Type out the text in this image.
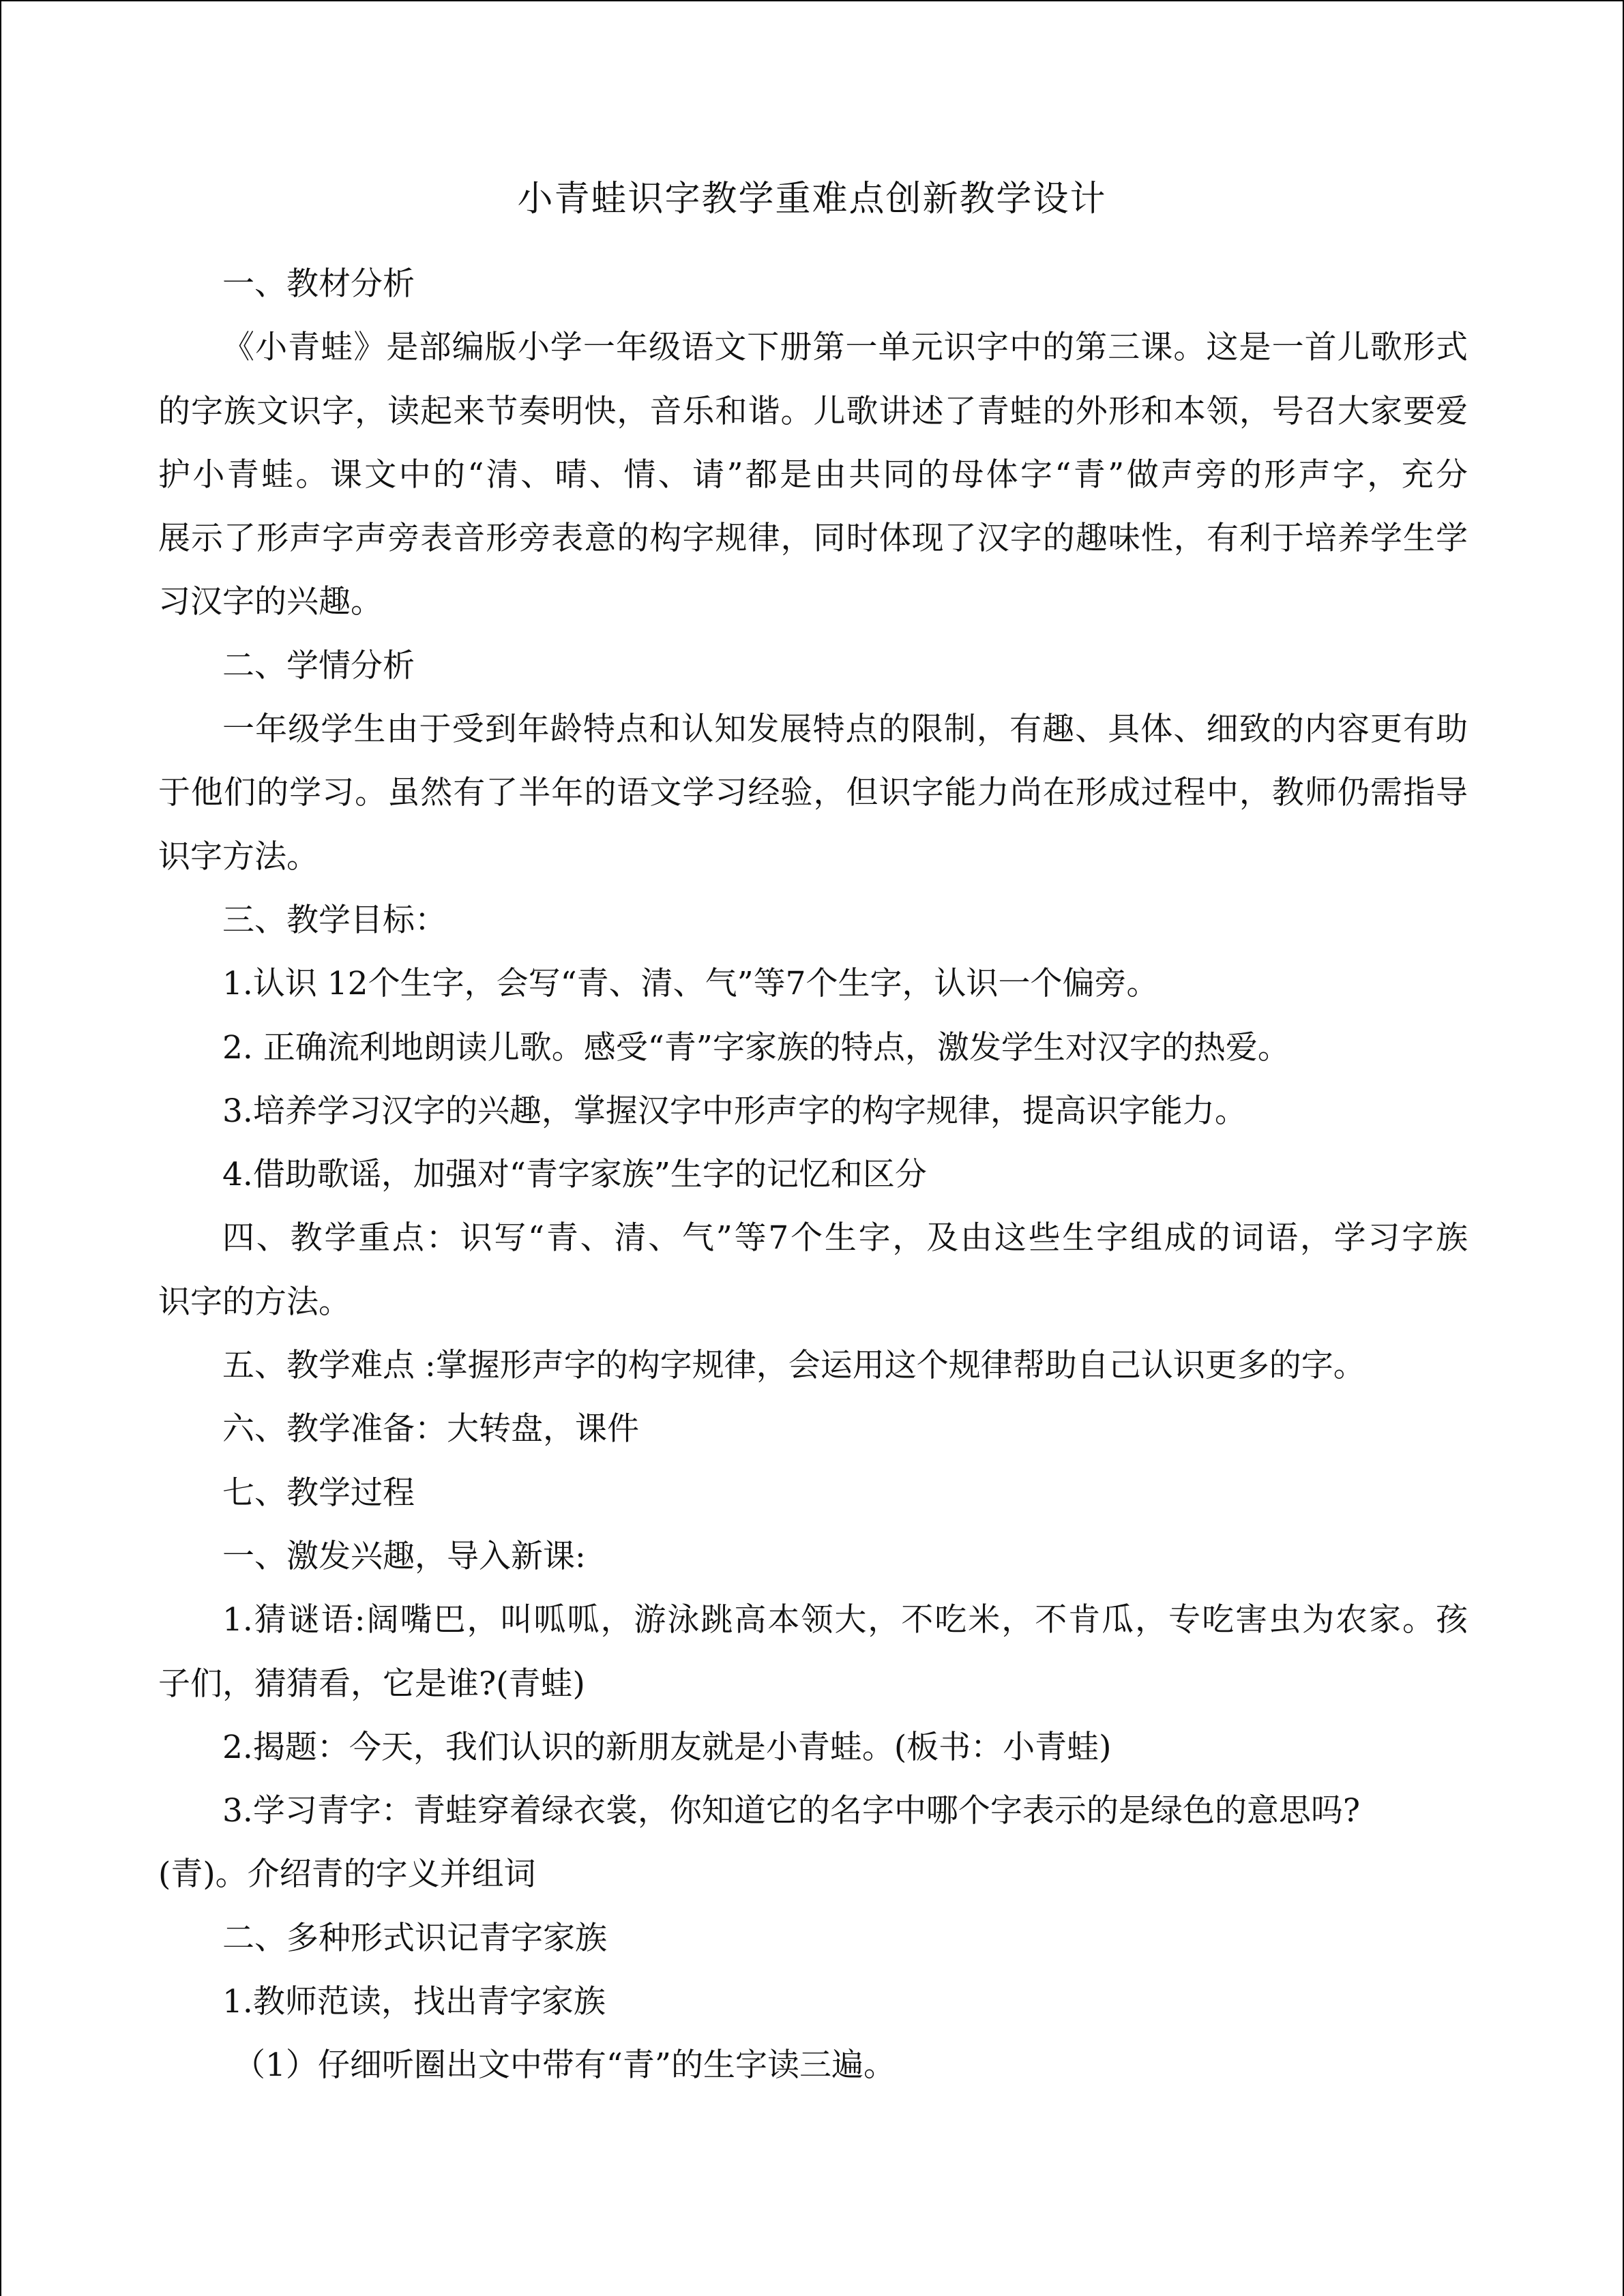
小青蛙识字教学重难点创新教学设计

一、教材分析

《小青蛙》是部编版小学一年级语文下册第一单元识字中的第三课。这是一首儿歌形式

的字族文识字，读起来节奏明快，音乐和谐。儿歌讲述了青蛙的外形和本领，号召大家要爱

护小青蛙。课文中的“清、晴、情、请”都是由共同的母体字“青”做声旁的形声字，充分

展示了形声字声旁表音形旁表意的构字规律，同时体现了汉字的趣味性，有利于培养学生学

习汉字的兴趣。

二、学情分析

一年级学生由于受到年龄特点和认知发展特点的限制，有趣、具体、细致的内容更有助

于他们的学习。虽然有了半年的语文学习经验，但识字能力尚在形成过程中，教师仍需指导

识字方法。

三、教学目标：

1.认识 12个生字，会写“青、清、气”等7个生字，认识一个偏旁。

2. 正确流利地朗读儿歌。感受“青”字家族的特点，激发学生对汉字的热爱。

3.培养学习汉字的兴趣，掌握汉字中形声字的构字规律，提高识字能力。

4.借助歌谣，加强对“青字家族”生字的记忆和区分

四、教学重点：识写“青、清、气”等7个生字，及由这些生字组成的词语，学习字族

识字的方法。

五、教学难点 :掌握形声字的构字规律，会运用这个规律帮助自己认识更多的字。

六、教学准备：大转盘，课件

七、教学过程

一、激发兴趣，导入新课:

1.猜谜语:阔嘴巴，叫呱呱，游泳跳高本领大，不吃米，不肯瓜，专吃害虫为农家。孩

子们，猜猜看，它是谁?(青蛙)

2.揭题：今天，我们认识的新朋友就是小青蛙。(板书：小青蛙)

3.学习青字：青蛙穿着绿衣裳，你知道它的名字中哪个字表示的是绿色的意思吗?

(青)。介绍青的字义并组词

二、多种形式识记青字家族

1.教师范读，找出青字家族

（1）仔细听圈出文中带有“青”的生字读三遍。
